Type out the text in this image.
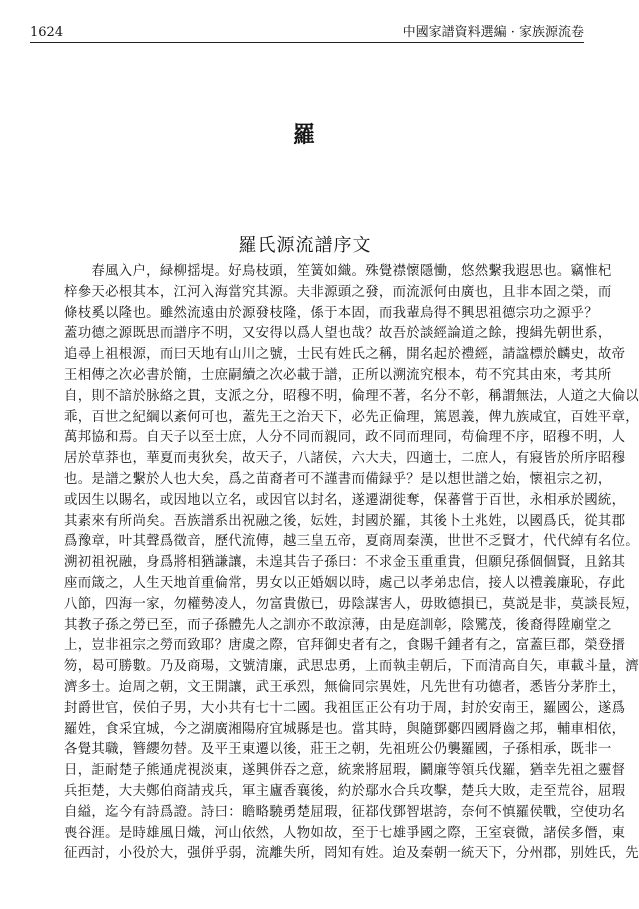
1624	中國家譜資料選編 · 家族源流卷
羅
羅氏源流譜序文
　　春風入户，緑柳揺堤。好鳥枝頭，笙簧如織。殊覺襟懷隱慟，悠然繫我遐思也。竊惟杞
梓參天必根其本，江河入海當究其源。夫非源頭之發，而流派何由廣也，且非本固之榮，而
條枝奚以隆也。雖然流遠由於源發枝隆，係于本固，而我輩烏得不興思祖德宗功之源乎？
蓋功德之源既思而譜序不明，又安得以爲人望也哉？故吾於談經論道之餘，搜緝先朝世系，
追尋上祖根源，而曰天地有山川之號，士民有姓氏之稱，開名起於禮經，請諡標於麟史，故帝
王相傳之次必書於簡，士庶嗣續之次必載于譜，正所以溯流究根本，苟不究其由來，考其所
自，則不諳於脉絡之貫，支派之分，昭穆不明，倫理不著，名分不彰，稱謂無法，人道之大倫以
乖，百世之紀綱以紊何可也，蓋先王之治天下，必先正倫理，篤恩義，俾九族咸宜，百姓平章，
萬邦協和焉。自天子以至士庶，人分不同而親同，政不同而理同，苟倫理不序，昭穆不明，人
居於草莽也，華夏而夷狄矣，故天子，八諸侯，六大夫，四適士，二庶人，有寢皆於所序昭穆
也。是譜之繫於人也大矣，爲之苗裔者可不謹書而備録乎？是以想世譜之始，懷祖宗之初，
或因生以賜名，或因地以立名，或因官以封名，遂遷湖徙奪，保蕃嘗于百世，永相承於國統，
其素來有所尚矣。吾族譜系出祝融之後，妘姓，封國於羅，其後卜土兆姓，以國爲氏，從其郡
爲豫章，叶其聲爲徵音，歷代流傳，越三皇五帝，夏商周秦漢，世世不乏賢才，代代綽有名位。
溯初祖祝融，身爲將相猶謙讓，未遑其告子孫曰：不求金玉重重貴，但願兒孫個個賢，且銘其
座而箴之，人生天地首重倫常，男女以正婚姻以時，處己以孝弟忠信，接人以禮義廉恥，存此
八節，四海一家，勿權勢凌人，勿富貴傲已，毋陰謀害人，毋敗德損已，莫説是非，莫談長短，
其教子孫之勞已至，而子孫體先人之訓亦不敢涼薄，由是庭訓彰，陰騭茂，後裔得陞廟堂之
上，豈非祖宗之勞而致耶？唐虞之際，官拜御史者有之，食賜千鍾者有之，富蓋巨郡，榮登搢
笏，曷可勝數。乃及商瑒，文號清廉，武思忠勇，上而執圭朝后，下而清高自矢，車載斗量，濟
濟多士。迨周之朝，文王開讓，武王承烈，無倫同宗異姓，凡先世有功德者，悉皆分茅胙土，
封爵世官，侯伯子男，大小共有七十二國。我祖匡正公有功于周，封於安南王，羅國公，遂爲
羅姓，食采宜城，今之湖廣湘陽府宜城縣是也。當其時，與隨鄧鄾四國脣齒之邦，輔車相依，
各覺其職，簪纓勿替。及平王東遷以後，莊王之朝，先祖班公仍襲羅國，子孫相承，既非一
日，詎耐楚子熊通虎視淡東，遂興併吞之意，統衆將屈瑕，鬬廉等領兵伐羅，猶幸先祖之靈督
兵拒楚，大夫鄭伯商請戎兵，軍主廬香襄後，約於鄢水合兵攻擊，楚兵大敗，走至荒谷，屈瑕
自縊，迄今有詩爲證。詩曰：瞻略驍勇楚屈瑕，征鄀伐鄧智堪誇，奈何不慎羅侯戰，空使功名
喪谷涯。是時雄風日熾，河山依然，人物如故，至于七雄爭國之際，王室衰微，諸侯多僭，東
征西討，小役於大，强併乎弱，流離失所，罔知有姓。迨及秦朝一統天下，分州郡，别姓氏，先
